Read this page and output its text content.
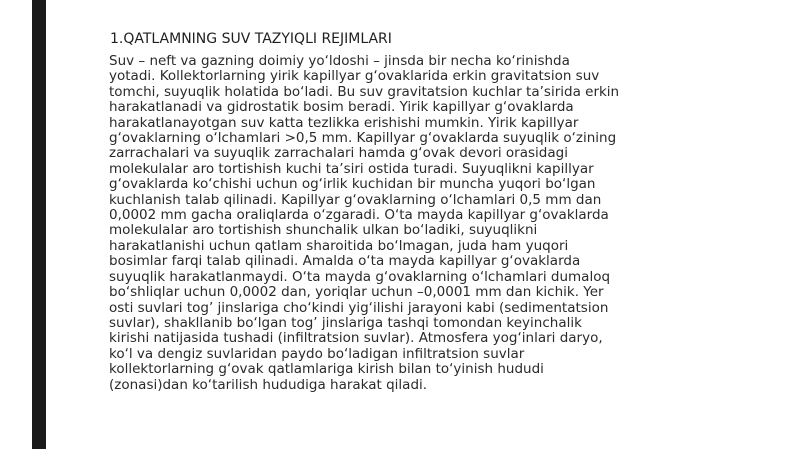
1.QATLAMNING SUV TAZYIQLI REJIMLARI
Suv – neft va gazning doimiy yo‘ldoshi – jinsda bir necha ko‘rinishda
yotadi. Kollektorlarning yirik kapillyar g‘ovaklarida erkin gravitatsion suv
tomchi, suyuqlik holatida bo‘ladi. Bu suv gravitatsion kuchlar ta’sirida erkin
harakatlanadi va gidrostatik bosim beradi. Yirik kapillyar g‘ovaklarda
harakatlanayotgan suv katta tezlikka erishishi mumkin. Yirik kapillyar
g‘ovaklarning o‘lchamlari >0,5 mm. Kapillyar g‘ovaklarda suyuqlik o‘zining
zarrachalari va suyuqlik zarrachalari hamda g‘ovak devori orasidagi
molekulalar aro tortishish kuchi ta’siri ostida turadi. Suyuqlikni kapillyar
g‘ovaklarda ko‘chishi uchun og‘irlik kuchidan bir muncha yuqori bo‘lgan
kuchlanish talab qilinadi. Kapillyar g‘ovaklarning o‘lchamlari 0,5 mm dan
0,0002 mm gacha oraliqlarda o‘zgaradi. O‘ta mayda kapillyar g‘ovaklarda
molekulalar aro tortishish shunchalik ulkan bo‘ladiki, suyuqlikni
harakatlanishi uchun qatlam sharoitida bo‘lmagan, juda ham yuqori
bosimlar farqi talab qilinadi. Amalda o‘ta mayda kapillyar g‘ovaklarda
suyuqlik harakatlanmaydi. O‘ta mayda g‘ovaklarning o‘lchamlari dumaloq
bo‘shliqlar uchun 0,0002 dan, yoriqlar uchun –0,0001 mm dan kichik. Yer
osti suvlari tog’ jinslariga cho‘kindi yig‘ilishi jarayoni kabi (sedimentatsion
suvlar), shakllanib bo‘lgan tog’ jinslariga tashqi tomondan keyinchalik
kirishi natijasida tushadi (infiltratsion suvlar). Atmosfera yog‘inlari daryo,
ko‘l va dengiz suvlaridan paydo bo‘ladigan infiltratsion suvlar
kollektorlarning g‘ovak qatlamlariga kirish bilan to‘yinish hududi
(zonasi)dan ko‘tarilish hududiga harakat qiladi.
